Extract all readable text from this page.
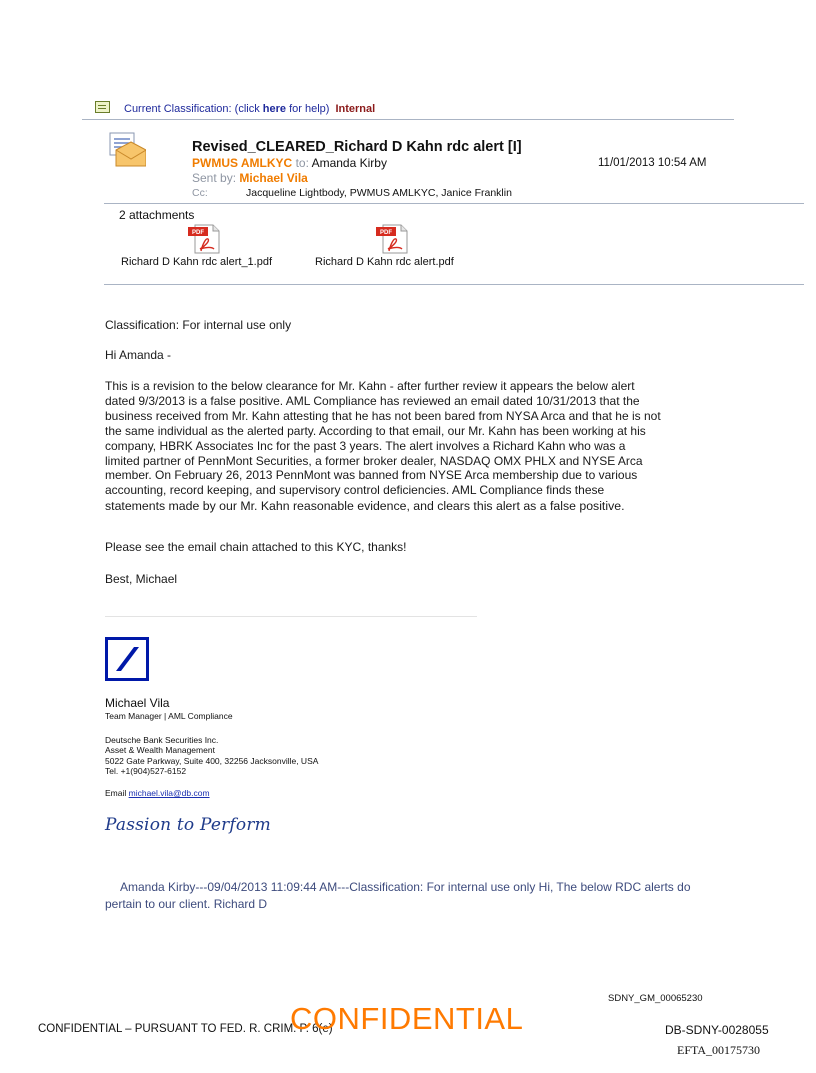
Current Classification: (click here for help) Internal
Revised_CLEARED_Richard D Kahn rdc alert [I]
PWMUS AMLKYC to: Amanda Kirby	11/01/2013 10:54 AM
Sent by: Michael Vila
Cc:	Jacqueline Lightbody, PWMUS AMLKYC, Janice Franklin
2 attachments
PDF
Richard D Kahn rdc alert_1.pdf
PDF
Richard D Kahn rdc alert.pdf
Classification: For internal use only
Hi Amanda -
This is a revision to the below clearance for Mr. Kahn - after further review it appears the below alert
dated 9/3/2013 is a false positive. AML Compliance has reviewed an email dated 10/31/2013 that the
business received from Mr. Kahn attesting that he has not been bared from NYSA Arca and that he is not
the same individual as the alerted party. According to that email, our Mr. Kahn has been working at his
company, HBRK Associates Inc for the past 3 years. The alert involves a Richard Kahn who was a
limited partner of PennMont Securities, a former broker dealer, NASDAQ OMX PHLX and NYSE Arca
member. On February 26, 2013 PennMont was banned from NYSE Arca membership due to various
accounting, record keeping, and supervisory control deficiencies. AML Compliance finds these
statements made by our Mr. Kahn reasonable evidence, and clears this alert as a false positive.
Please see the email chain attached to this KYC, thanks!
Best, Michael
Michael Vila
Team Manager | AML Compliance
Deutsche Bank Securities Inc.
Asset & Wealth Management
5022 Gate Parkway, Suite 400, 32256 Jacksonville, USA
Tel. +1(904)527-6152
Email michael.vila@db.com
Passion to Perform
Amanda Kirby---09/04/2013 11:09:44 AM---Classification: For internal use only Hi, The below RDC alerts do pertain to our client. Richard D
SDNY_GM_00065230
CONFIDENTIAL – PURSUANT TO FED. R. CRIM. P. 6(e)
CONFIDENTIAL	DB-SDNY-0028055
EFTA_00175730
